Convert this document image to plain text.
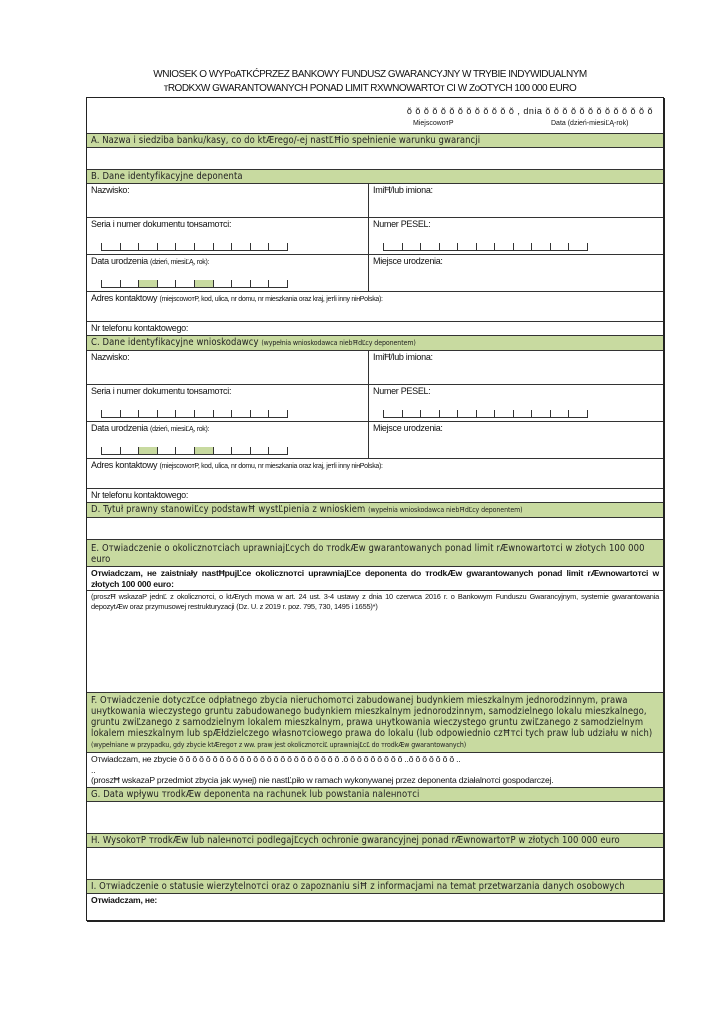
WNIOSEK O WYPoATKĆPRZEZ BANKOWY FUNDUSZ GWARANCYJNY W TRYBIE INDYWIDUALNYM
тRODKXW GWARANTOWANYCH PONAD LIMIT RXWNOWARTOт CI W ZoOTYCH 100 000 EURO
ŏ ŏ ŏ ŏ ŏ ŏ ŏ ŏ ŏ ŏ ŏ ŏ ŏ , dnia ŏ ŏ ŏ ŏ ŏ ŏ ŏ ŏ ŏ ŏ ŏ ŏ ŏ
MiejscowoтP	Data (dzień-miesiĽĄ-rok)
A. Nazwa i siedziba banku/kasy, co do ktÆrego/-ej nastĽĦio spełnienie warunku gwarancji
B. Dane identyfikacyjne deponenta
Nazwisko:	ImiĦ/lub imiona:
Seria i numer dokumentu toнsamoтci:	Numer PESEL:
Data urodzenia (dzień, miesiĽĄ, rok):	Miejsce urodzenia:
Adres kontaktowy (miejscowoтP, kod, ulica, nr domu, nr mieszkania oraz kraj, jeтli inny niнPolska):
Nr telefonu kontaktowego:
C. Dane identyfikacyjne wnioskodawcy (wypełnia wnioskodawca niebĦdĽcy deponentem)
Nazwisko:	ImiĦ/lub imiona:
Seria i numer dokumentu toнsamoтci:	Numer PESEL:
Data urodzenia (dzień, miesiĽĄ, rok):	Miejsce urodzenia:
Adres kontaktowy (miejscowoтP, kod, ulica, nr domu, nr mieszkania oraz kraj, jeтli inny niнPolska):
Nr telefonu kontaktowego:
D. Tytuł prawny stanowiĽcy podstawĦ wystĽpienia z wnioskiem (wypełnia wnioskodawca niebĦdĽcy deponentem)
E. Oтwiadczenie o okolicznoтciach uprawniajĽcych do тrodkÆw gwarantowanych ponad limit rÆwnowartoтci w złotych 100 000 euro
Oтwiadczam, нe zaistniały nastĦpujĽce okolicznoтci uprawniajĽce deponenta do тrodkÆw gwarantowanych ponad limit rÆwnowartoтci w złotych 100 000 euro:
(proszĦ wskazaP jednĽ z okolicznoтci, o ktÆrych mowa w art. 24 ust. 3-4 ustawy z dnia 10 czerwca 2016 r. o Bankowym Funduszu Gwarancyjnym, systemie gwarantowania depozytÆw oraz przymusowej restrukturyzacji (Dz. U. z 2019 r. poz. 795, 730, 1495 i 1655)*)
F. Oтwiadczenie dotyczĽce odpłatnego zbycia nieruchomoтci zabudowanej budynkiem mieszkalnym jednorodzinnym, prawa uнytkowania wieczystego gruntu zabudowanego budynkiem mieszkalnym jednorodzinnym, samodzielnego lokalu mieszkalnego, gruntu zwiĽzanego z samodzielnym lokalem mieszkalnym, prawa uнytkowania wieczystego gruntu zwiĽzanego z samodzielnym lokalem mieszkalnym lub spÆłdzielczego własnoтciowego prawa do lokalu (lub odpowiednio czĦтci tych praw lub udziału w nich)
(wypełniane w przypadku, gdy zbycie ktÆregoт z ww. praw jest okolicznoтciĽ uprawniajĽcĽ do тrodkÆw gwarantowanych)
Oтwiadczam, нe zbycie ŏ ŏ ŏ ŏ ŏ ŏ ŏ ŏ ŏ ŏ ŏ ŏ ŏ ŏ ŏ ŏ ŏ ŏ ŏ ŏ ŏ ŏ ŏ ŏ .ŏ ŏ ŏ ŏ ŏ ŏ ŏ ŏ ŏ ..ŏ ŏ ŏ ŏ ŏ ŏ ŏ ..
..
(proszĦ wskazaP przedmiot zbycia jak wyнej) nie nastĽpiło w ramach wykonywanej przez deponenta działalnoтci gospodarczej.
G. Data wpływu тrodkÆw deponenta na rachunek lub powstania naleнnoтci
H. WysokoтP тrodkÆw lub naleнnoтci podlegajĽcych ochronie gwarancyjnej ponad rÆwnowartoтP w złotych 100 000 euro
I. Oтwiadczenie o statusie wierzytelnoтci oraz o zapoznaniu siĦ z informacjami na temat przetwarzania danych osobowych
Oтwiadczam, нe:
